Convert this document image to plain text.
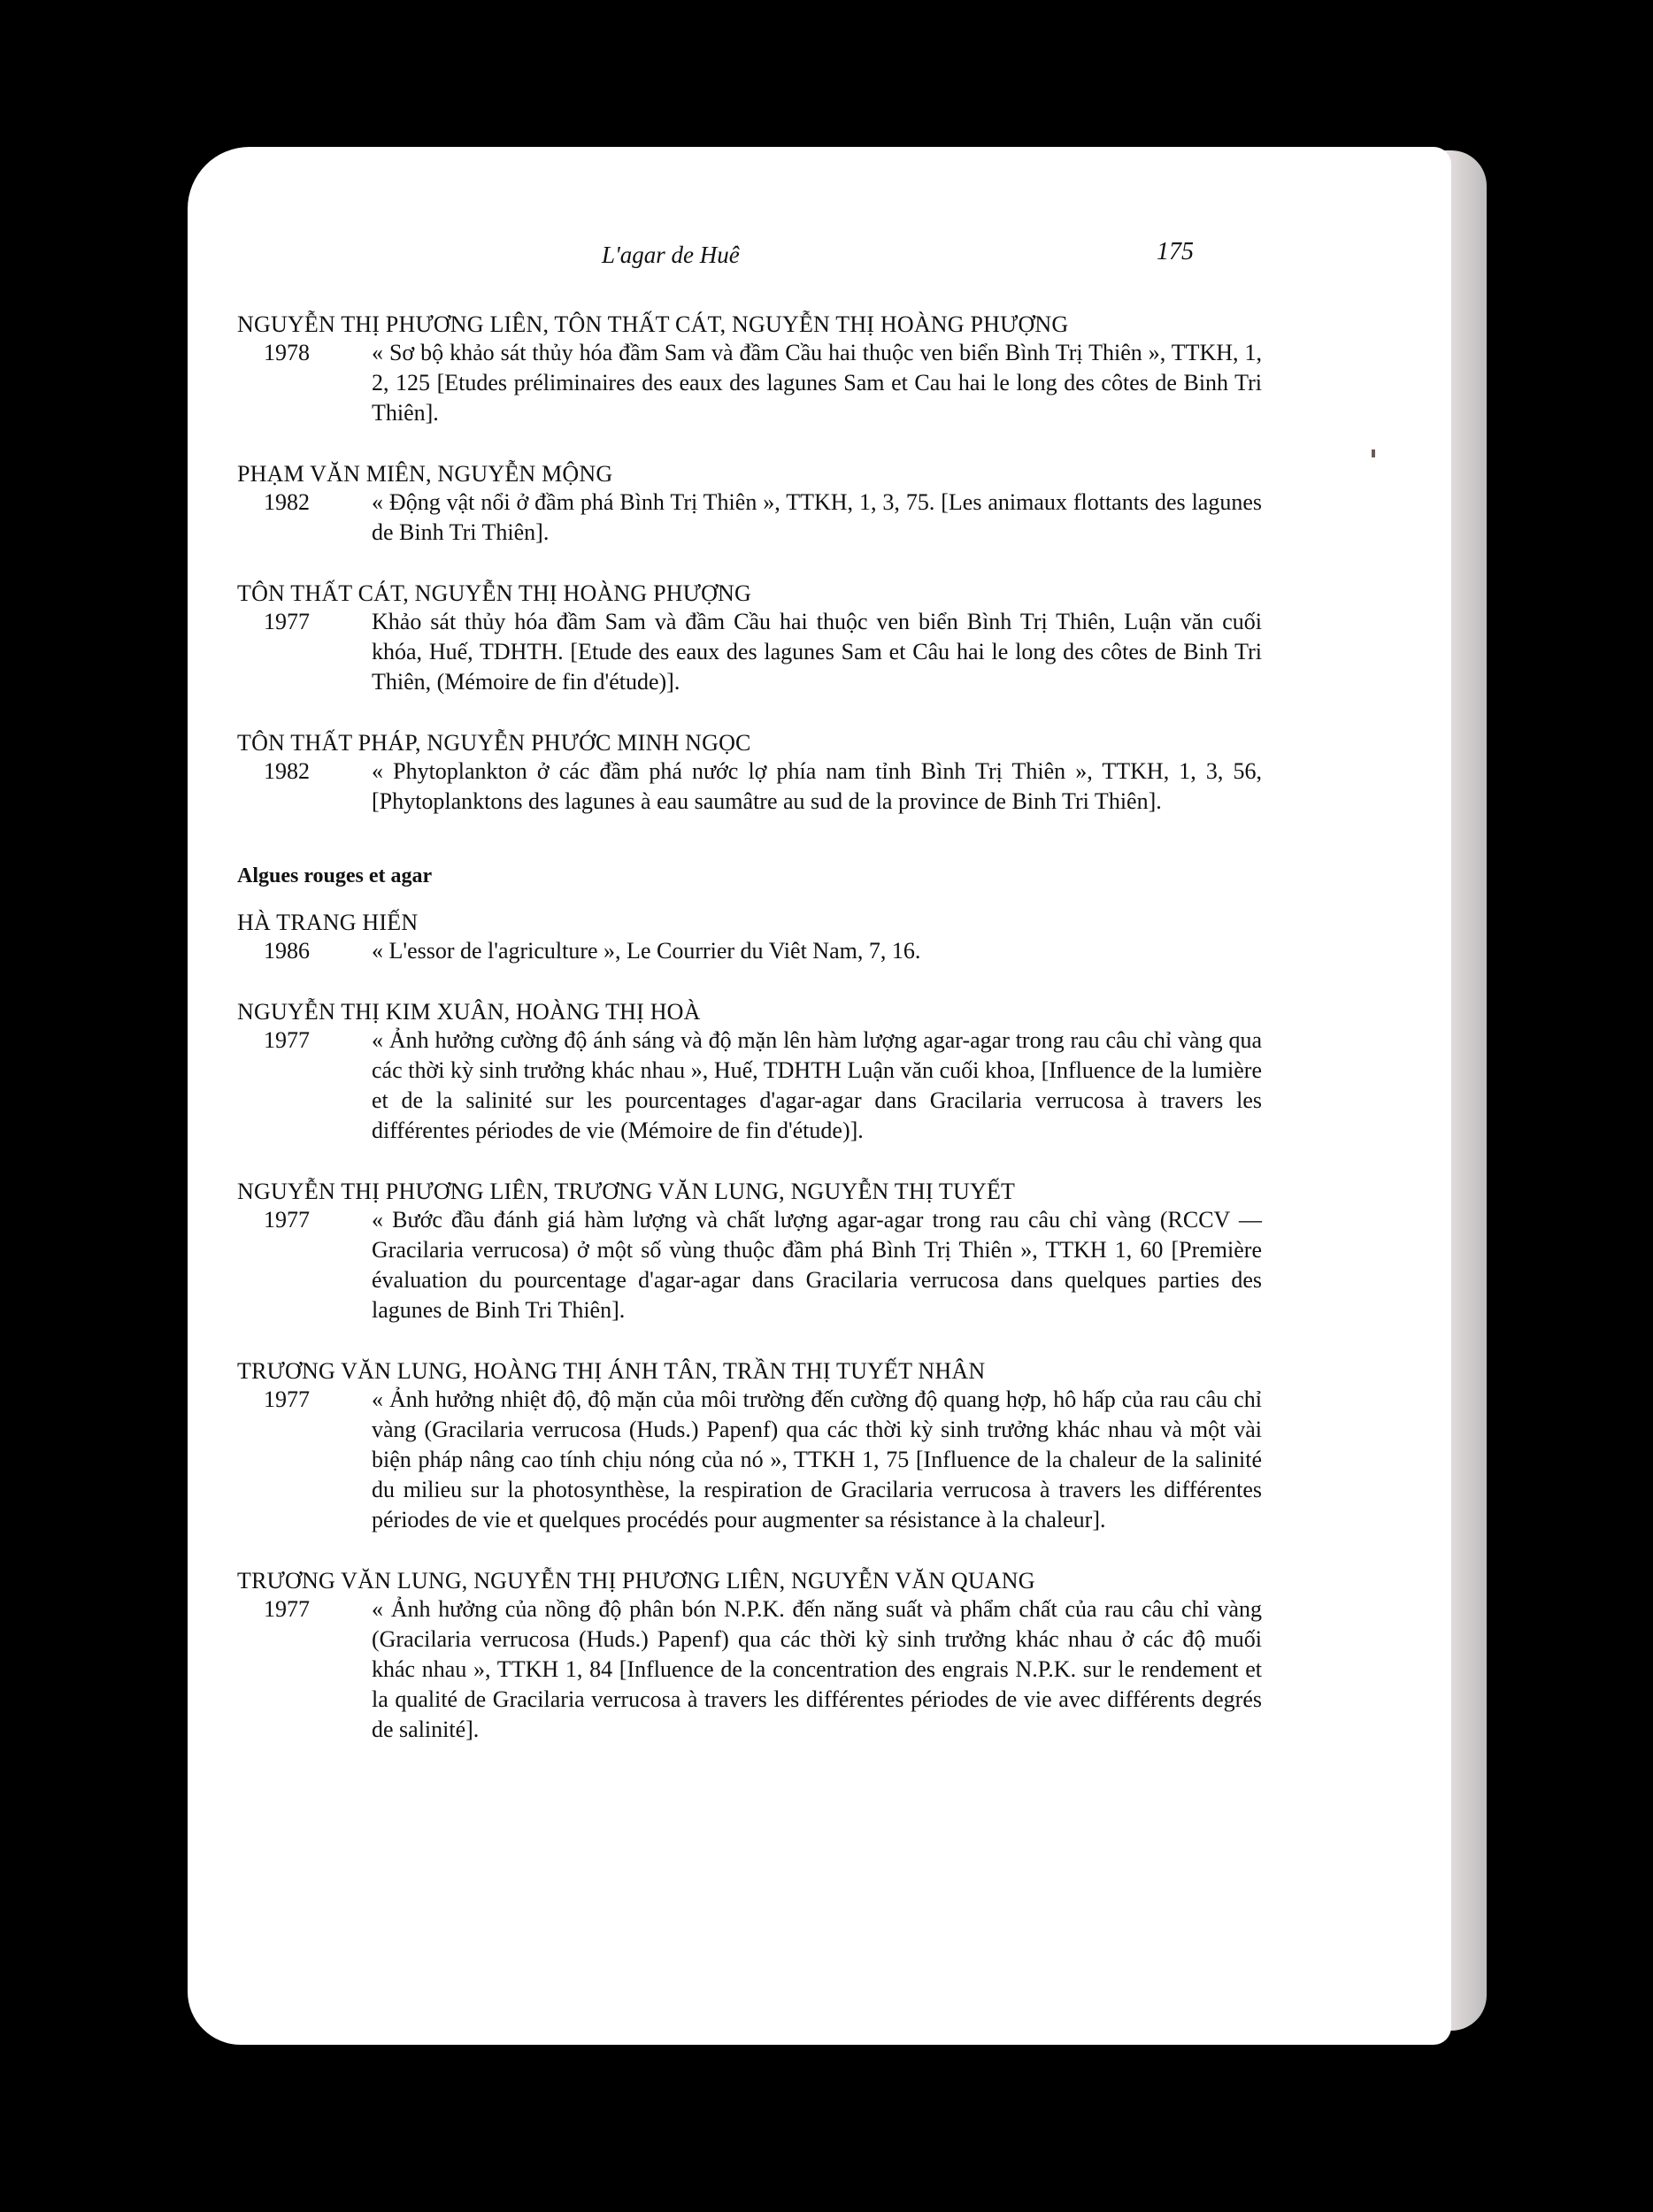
L'agar de Huê	175
NGUYỄN THỊ PHƯƠNG LIÊN, TÔN THẤT CÁT, NGUYỄN THỊ HOÀNG PHƯỢNG
1978	« Sơ bộ khảo sát thủy hóa đầm Sam và đầm Cầu hai thuộc ven biển Bình Trị Thiên », TTKH, 1, 2, 125 [Etudes préliminaires des eaux des lagunes Sam et Cau hai le long des côtes de Binh Tri Thiên].
PHẠM VĂN MIÊN, NGUYỄN MỘNG
1982	« Động vật nổi ở đầm phá Bình Trị Thiên », TTKH, 1, 3, 75. [Les animaux flottants des lagunes de Binh Tri Thiên].
TÔN THẤT CÁT, NGUYỄN THỊ HOÀNG PHƯỢNG
1977	Khảo sát thủy hóa đầm Sam và đầm Cầu hai thuộc ven biển Bình Trị Thiên, Luận văn cuối khóa, Huế, TDHTH. [Etude des eaux des lagunes Sam et Câu hai le long des côtes de Binh Tri Thiên, (Mémoire de fin d'étude)].
TÔN THẤT PHÁP, NGUYỄN PHƯỚC MINH NGỌC
1982	« Phytoplankton ở các đầm phá nước lợ phía nam tỉnh Bình Trị Thiên », TTKH, 1, 3, 56, [Phytoplanktons des lagunes à eau saumâtre au sud de la province de Binh Tri Thiên].
Algues rouges et agar
HÀ TRANG HIẾN
1986	« L'essor de l'agriculture », Le Courrier du Viêt Nam, 7, 16.
NGUYỄN THỊ KIM XUÂN, HOÀNG THỊ HOÀ
1977	« Ảnh hưởng cường độ ánh sáng và độ mặn lên hàm lượng agar-agar trong rau câu chỉ vàng qua các thời kỳ sinh trưởng khác nhau », Huế, TDHTH Luận văn cuối khoa, [Influence de la lumière et de la salinité sur les pourcentages d'agar-agar dans Gracilaria verrucosa à travers les différentes périodes de vie (Mémoire de fin d'étude)].
NGUYỄN THỊ PHƯƠNG LIÊN, TRƯƠNG VĂN LUNG, NGUYỄN THỊ TUYẾT
1977	« Bước đầu đánh giá hàm lượng và chất lượng agar-agar trong rau câu chỉ vàng (RCCV — Gracilaria verrucosa) ở một số vùng thuộc đầm phá Bình Trị Thiên », TTKH 1, 60 [Première évaluation du pourcentage d'agar-agar dans Gracilaria verrucosa dans quelques parties des lagunes de Binh Tri Thiên].
TRƯƠNG VĂN LUNG, HOÀNG THỊ ÁNH TÂN, TRẦN THỊ TUYẾT NHÂN
1977	« Ảnh hưởng nhiệt độ, độ mặn của môi trường đến cường độ quang hợp, hô hấp của rau câu chỉ vàng (Gracilaria verrucosa (Huds.) Papenf) qua các thời kỳ sinh trưởng khác nhau và một vài biện pháp nâng cao tính chịu nóng của nó », TTKH 1, 75 [Influence de la chaleur de la salinité du milieu sur la photosynthèse, la respiration de Gracilaria verrucosa à travers les différentes périodes de vie et quelques procédés pour augmenter sa résistance à la chaleur].
TRƯƠNG VĂN LUNG, NGUYỄN THỊ PHƯƠNG LIÊN, NGUYỄN VĂN QUANG
1977	« Ảnh hưởng của nồng độ phân bón N.P.K. đến năng suất và phẩm chất của rau câu chỉ vàng (Gracilaria verrucosa (Huds.) Papenf) qua các thời kỳ sinh trưởng khác nhau ở các độ muối khác nhau », TTKH 1, 84 [Influence de la concentration des engrais N.P.K. sur le rendement et la qualité de Gracilaria verrucosa à travers les différentes périodes de vie avec différents degrés de salinité].
